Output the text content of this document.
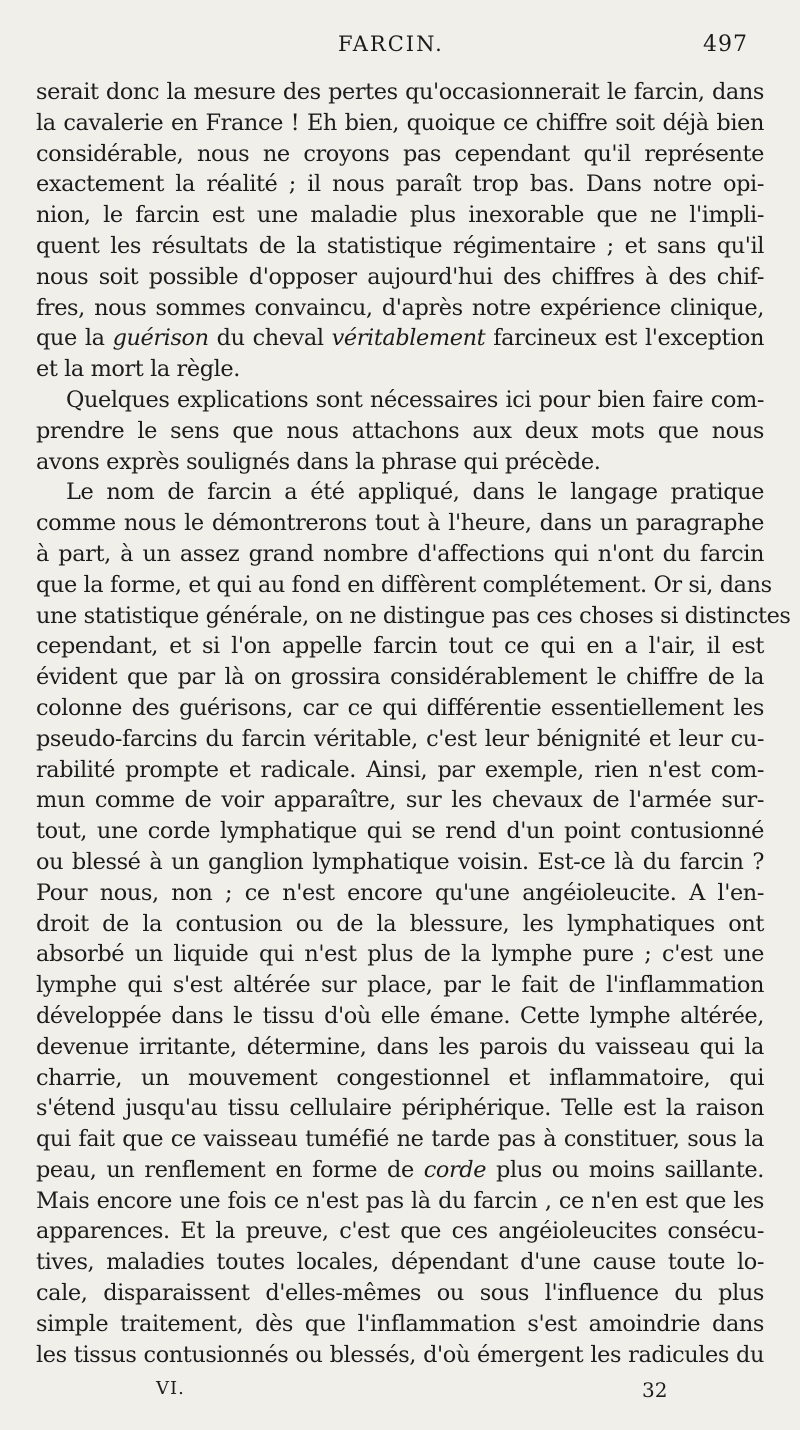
FARCIN.	497
serait donc la mesure des pertes qu'occasionnerait le farcin, dans
la cavalerie en France ! Eh bien, quoique ce chiffre soit déjà bien
considérable, nous ne croyons pas cependant qu'il représente
exactement la réalité ; il nous paraît trop bas. Dans notre opi-
nion, le farcin est une maladie plus inexorable que ne l'impli-
quent les résultats de la statistique régimentaire ; et sans qu'il
nous soit possible d'opposer aujourd'hui des chiffres à des chif-
fres, nous sommes convaincu, d'après notre expérience clinique,
que la guérison du cheval véritablement farcineux est l'exception
et la mort la règle.
Quelques explications sont nécessaires ici pour bien faire com-
prendre le sens que nous attachons aux deux mots que nous
avons exprès soulignés dans la phrase qui précède.
Le nom de farcin a été appliqué, dans le langage pratique
comme nous le démontrerons tout à l'heure, dans un paragraphe
à part, à un assez grand nombre d'affections qui n'ont du farcin
que la forme, et qui au fond en diffèrent complétement. Or si, dans
une statistique générale, on ne distingue pas ces choses si distinctes
cependant, et si l'on appelle farcin tout ce qui en a l'air, il est
évident que par là on grossira considérablement le chiffre de la
colonne des guérisons, car ce qui différentie essentiellement les
pseudo-farcins du farcin véritable, c'est leur bénignité et leur cu-
rabilité prompte et radicale. Ainsi, par exemple, rien n'est com-
mun comme de voir apparaître, sur les chevaux de l'armée sur-
tout, une corde lymphatique qui se rend d'un point contusionné
ou blessé à un ganglion lymphatique voisin. Est-ce là du farcin ?
Pour nous, non ; ce n'est encore qu'une angéioleucite. A l'en-
droit de la contusion ou de la blessure, les lymphatiques ont
absorbé un liquide qui n'est plus de la lymphe pure ; c'est une
lymphe qui s'est altérée sur place, par le fait de l'inflammation
développée dans le tissu d'où elle émane. Cette lymphe altérée,
devenue irritante, détermine, dans les parois du vaisseau qui la
charrie, un mouvement congestionnel et inflammatoire, qui
s'étend jusqu'au tissu cellulaire périphérique. Telle est la raison
qui fait que ce vaisseau tuméfié ne tarde pas à constituer, sous la
peau, un renflement en forme de corde plus ou moins saillante.
Mais encore une fois ce n'est pas là du farcin , ce n'en est que les
apparences. Et la preuve, c'est que ces angéioleucites consécu-
tives, maladies toutes locales, dépendant d'une cause toute lo-
cale, disparaissent d'elles-mêmes ou sous l'influence du plus
simple traitement, dès que l'inflammation s'est amoindrie dans
les tissus contusionnés ou blessés, d'où émergent les radicules du
VI.	32
